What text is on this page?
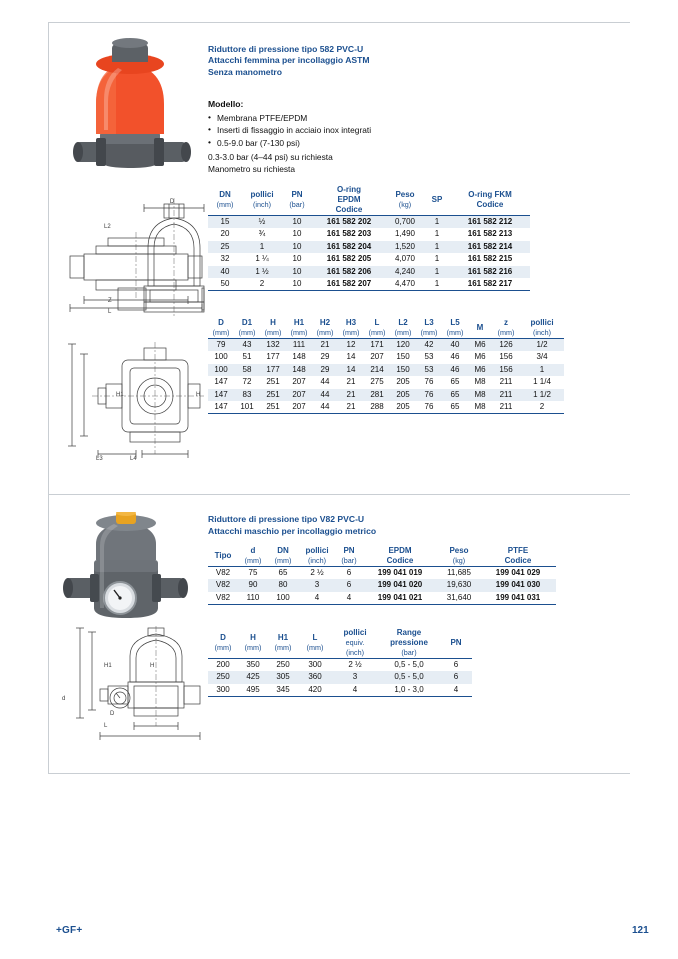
Riduttore di pressione tipo 582 PVC-U
Attacchi femmina per incollaggio ASTM
Senza manometro
Modello:
• Membrana PTFE/EPDM
• Inserti di fissaggio in acciaio inox integrati
• 0.5-9.0 bar (7-130 psi)
0.3-3.0 bar (4–44 psi) su richiesta
Manometro su richiesta
DN
(mm)	pollici
(inch)	PN
(bar)	O-ring
EPDM
Codice	Peso
(kg)	SP	O-ring FKM
Codice

15	½	10	161 582 202	0,700	1	161 582 212
20	¾	10	161 582 203	1,490	1	161 582 213
25	1	10	161 582 204	1,520	1	161 582 214
32	1 ¼	10	161 582 205	4,070	1	161 582 215
40	1 ½	10	161 582 206	4,240	1	161 582 216
50	2	10	161 582 207	4,470	1	161 582 217
D
(mm)	D1
(mm)	H
(mm)	H1
(mm)	H2
(mm)	H3
(mm)	L
(mm)	L2
(mm)	L3
(mm)	L5
(mm)	M	z
(mm)	pollici
(inch)

79	43	132	111	21	12	171	120	42	40	M6	126	1/2
100	51	177	148	29	14	207	150	53	46	M6	156	3/4
100	58	177	148	29	14	214	150	53	46	M6	156	1
147	72	251	207	44	21	275	205	76	65	M8	211	1 1/4
147	83	251	207	44	21	281	205	76	65	M8	211	1 1/2
147	101	251	207	44	21	288	205	76	65	M8	211	2
D
L2
Z
L
H1	H
L3	L4
Riduttore di pressione tipo V82 PVC-U
Attacchi maschio per incollaggio metrico
Tipo	d
(mm)	DN
(mm)	pollici
(inch)	PN
(bar)	EPDM
Codice	Peso
(kg)	PTFE
Codice

V82	75	65	2 ½	6	199 041 019	11,685	199 041 029
V82	90	80	3	6	199 041 020	19,630	199 041 030
V82	110	100	4	4	199 041 021	31,640	199 041 031
D
(mm)	H
(mm)	H1
(mm)	L
(mm)	pollici
equiv.
(inch)	Range
pressione
(bar)	PN

200	350	250	300	2 ½	0,5 - 5,0	6
250	425	305	360	3	0,5 - 5,0	6
300	495	345	420	4	1,0 - 3,0	4
H1	H
d
D
L
+GF+	121
